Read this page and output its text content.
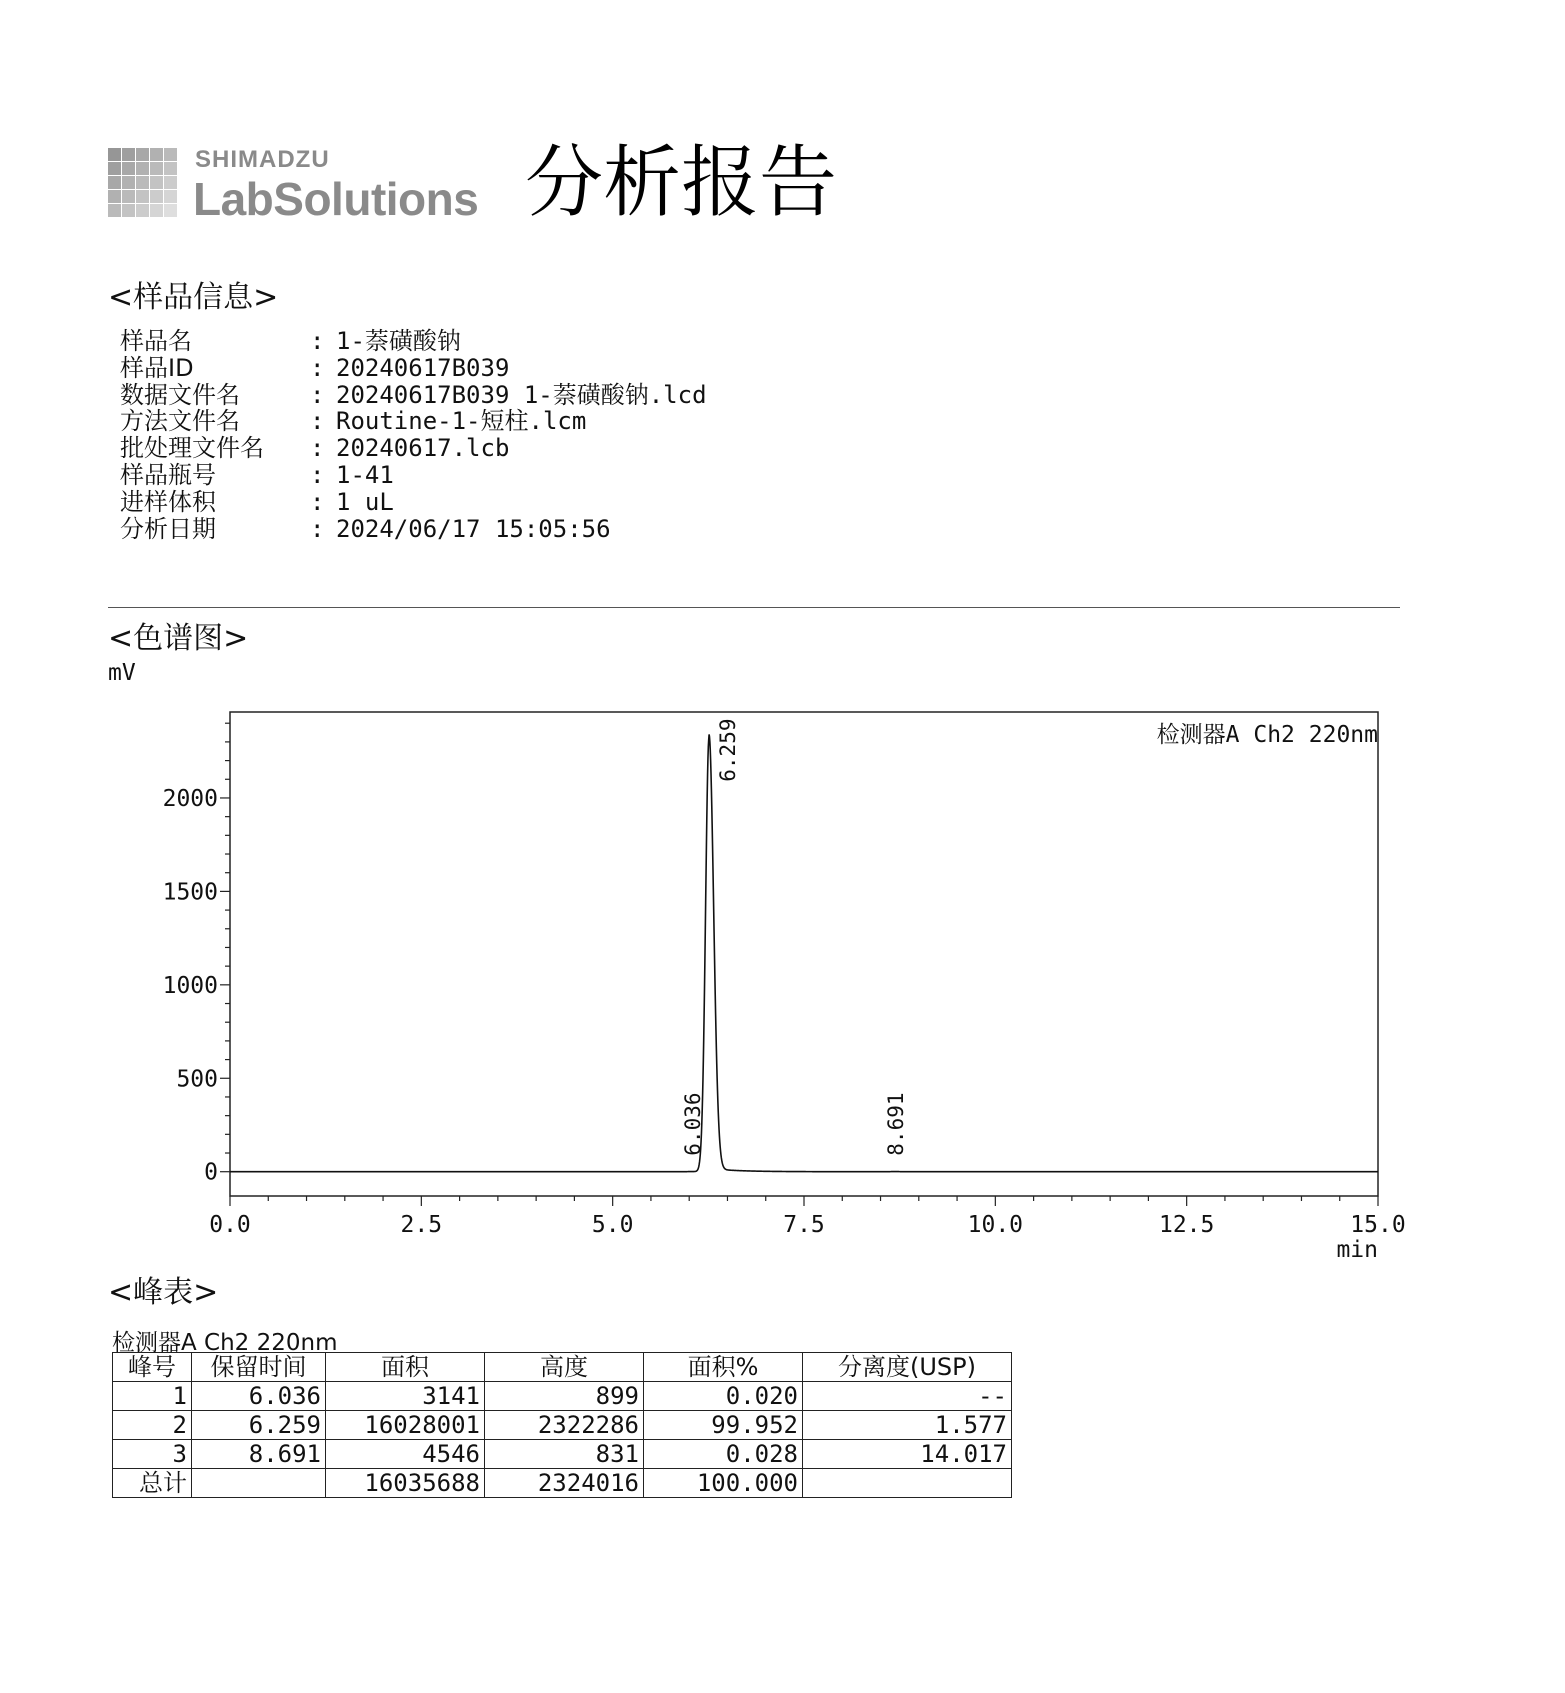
SHIMADZU
LabSolutions 分析报告
<样品信息>
样品名	: 1-萘磺酸钠
样品ID	: 20240617B039
数据文件名	: 20240617B039 1-萘磺酸钠.lcd
方法文件名	: Routine-1-短柱.lcm
批处理文件名	: 20240617.lcb
样品瓶号	: 1-41
进样体积	: 1 uL
分析日期	: 2024/06/17 15:05:56
<色谱图>
mV
0
500
1000
1500
2000
0.0	2.5	5.0	7.5	10.0	12.5	15.0
检测器A Ch2 220nm
6.036
6.259
8.691
min
<峰表>
检测器A Ch2 220nm
峰号	保留时间	面积	高度	面积%	分离度(USP)
1	6.036	3141	899	0.020	--
2	6.259	16028001	2322286	99.952	1.577
3	8.691	4546	831	0.028	14.017
总计		16035688	2324016	100.000	
